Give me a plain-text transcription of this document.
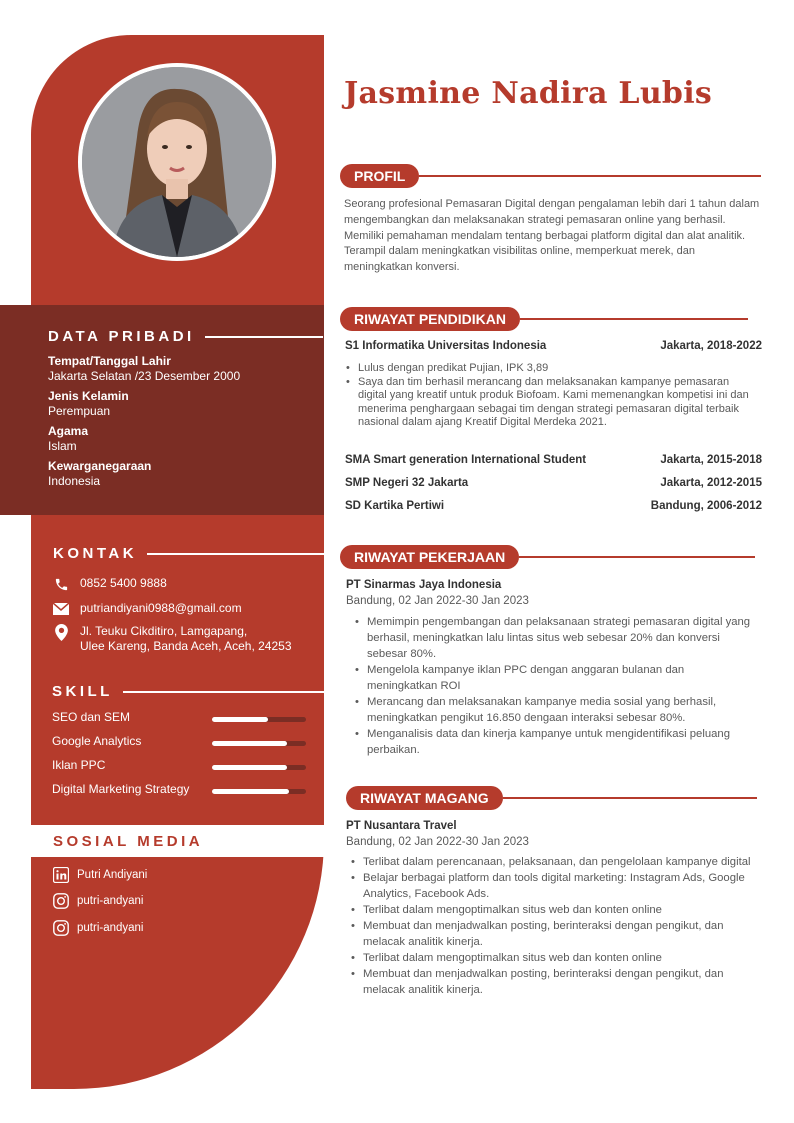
DATA PRIBADI
Tempat/Tanggal Lahir
Jakarta Selatan /23 Desember 2000
Jenis Kelamin
Perempuan
Agama
Islam
Kewarganegaraan
Indonesia
KONTAK
0852 5400 9888
putriandiyani0988@gmail.com
Jl. Teuku Cikditiro, Lamgapang,
Ulee Kareng, Banda Aceh, Aceh, 24253
SKILL
SEO dan SEM
Google Analytics
Iklan PPC
Digital Marketing Strategy
SOSIAL MEDIA
Putri Andiyani
putri-andyani
putri-andyani
Jasmine Nadira Lubis
PROFIL
Seorang profesional Pemasaran Digital dengan pengalaman lebih dari 1 tahun dalam mengembangkan dan melaksanakan strategi pemasaran online yang berhasil. Memiliki pemahaman mendalam tentang berbagai platform digital dan alat analitik. Terampil dalam meningkatkan visibilitas online, memperkuat merek, dan meningkatkan konversi.
RIWAYAT PENDIDIKAN
S1 Informatika Universitas Indonesia	Jakarta, 2018-2022
• Lulus dengan predikat Pujian, IPK 3,89
• Saya dan tim berhasil merancang dan melaksanakan kampanye pemasaran digital yang kreatif untuk produk Biofoam. Kami memenangkan kompetisi ini dan menerima penghargaan sebagai tim dengan strategi pemasaran digital terbaik nasional dalam ajang Kreatif Digital Merdeka 2021.
SMA Smart generation International Student	Jakarta, 2015-2018
SMP Negeri 32 Jakarta	Jakarta, 2012-2015
SD Kartika Pertiwi	Bandung, 2006-2012
RIWAYAT PEKERJAAN
PT Sinarmas Jaya Indonesia
Bandung, 02 Jan 2022-30 Jan 2023
• Memimpin pengembangan dan pelaksanaan strategi pemasaran digital yang berhasil, meningkatkan lalu lintas situs web sebesar 20% dan konversi sebesar 80%.
• Mengelola kampanye iklan PPC dengan anggaran bulanan dan meningkatkan ROI
• Merancang dan melaksanakan kampanye media sosial yang berhasil, meningkatkan pengikut 16.850 dengaan interaksi sebesar 80%.
• Menganalisis data dan kinerja kampanye untuk mengidentifikasi peluang perbaikan.
RIWAYAT MAGANG
PT Nusantara Travel
Bandung, 02 Jan 2022-30 Jan 2023
• Terlibat dalam perencanaan, pelaksanaan, dan pengelolaan kampanye digital
• Belajar berbagai platform dan tools digital marketing: Instagram Ads, Google Analytics, Facebook Ads.
• Terlibat dalam mengoptimalkan situs web dan konten online
• Membuat dan menjadwalkan posting, berinteraksi dengan pengikut, dan melacak analitik kinerja.
• Terlibat dalam mengoptimalkan situs web dan konten online
• Membuat dan menjadwalkan posting, berinteraksi dengan pengikut, dan melacak analitik kinerja.
